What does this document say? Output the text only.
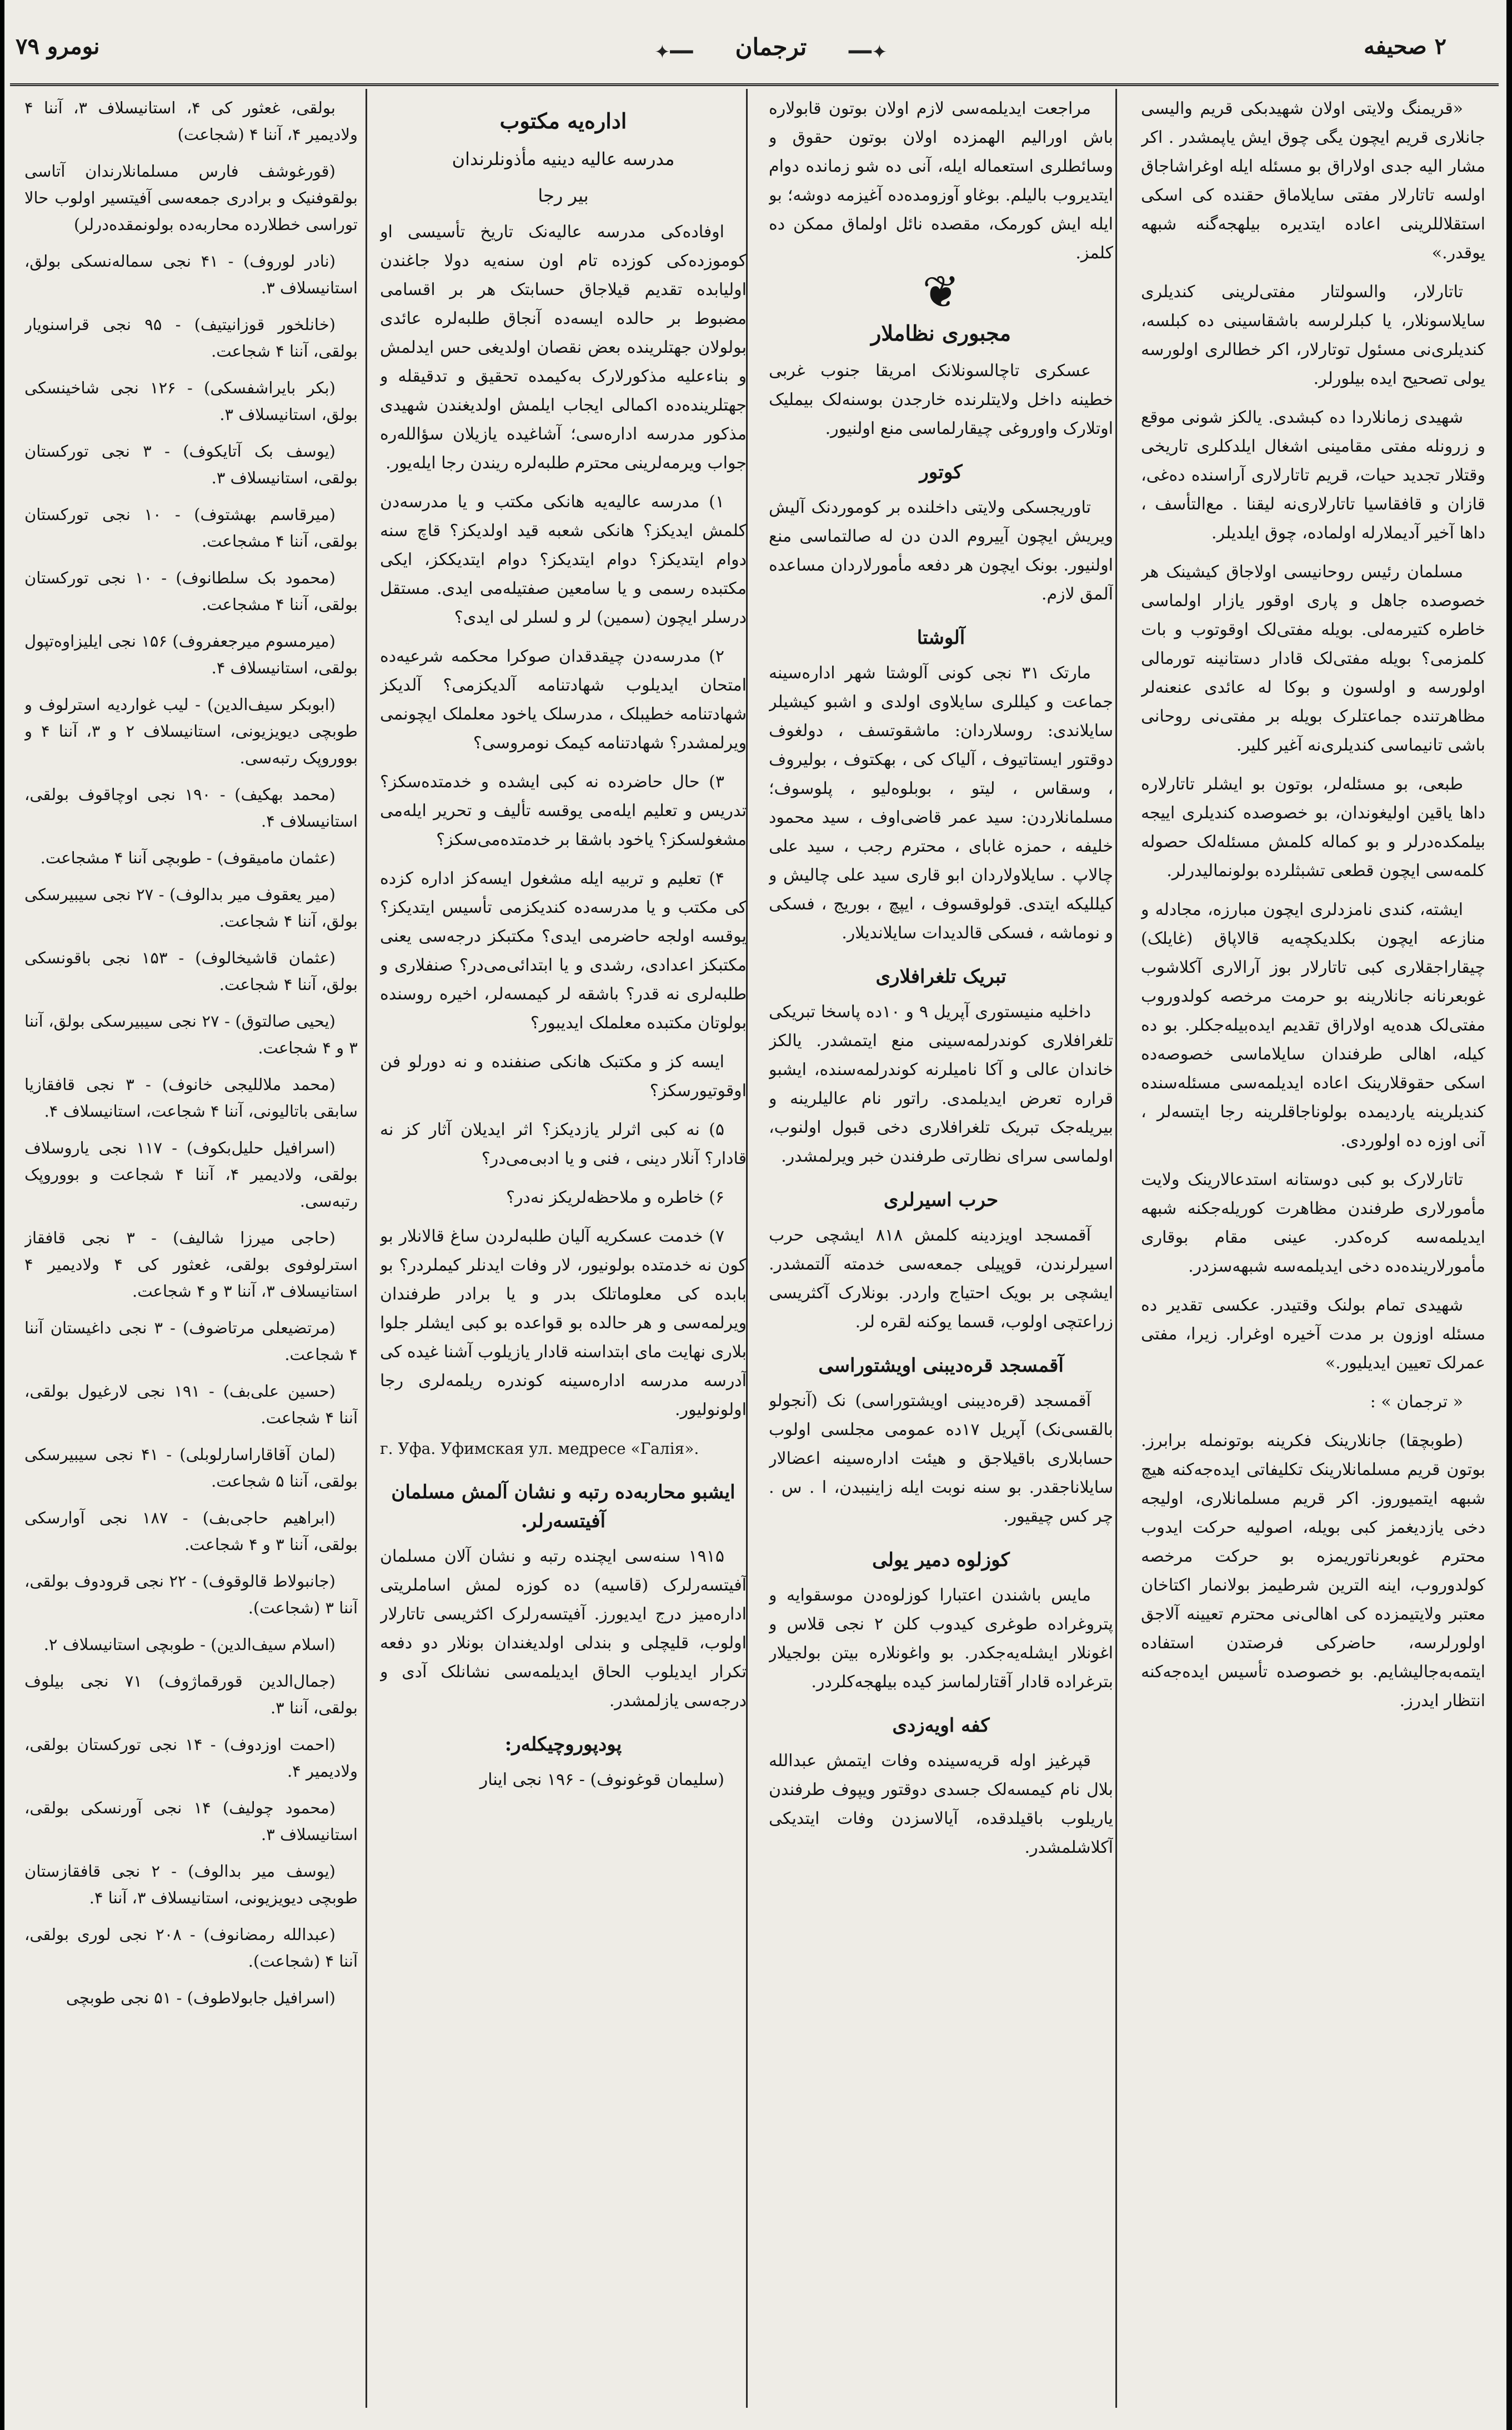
۲ صحیفه
✦━━	ترجمان	━━✦
نومرو ۷۹

«قریمنگ ولایتی اولان شهیدبکی قریم والیسی جانلاری قریم ایچون یگی چوق ایش یاپمشدر . اکر مشار الیه جدی اولاراق بو مسئله ایله اوغراشاجاق اولسه تاتارلار مفتی سایلاماق حقنده کی اسکی استقلاللرینی اعاده ایتدیره بیلهجه‌گنه شبهه یوقدر.»

تاتارلار، والسولتار مفتی‌لرینی کندیلری سایلاسونلار، یا کبلرلرسه باشقاسینی ده کبلسه، کندیلری‌نی مسئول توتارلار، اکر خطالری اولورسه یولی تصحیح ایده بیلورلر.

شهیدی زمانلاردا ده کبشدی. یالکز شونی موقع و زرونله مفتی مقامینی اشغال ایلدکلری تاریخی وقتلار تجدید حیات، قریم تاتارلاری آراسنده ده‌غی، قازان و قافقاسیا تاتارلاری‌نه لیقنا . مع‌التأسف ، داها آخیر آدیملارله اولماده، چوق ایلدیلر.

مسلمان رئیس روحانیسی اولاجاق کیشینک هر خصوصده جاهل و پاری اوقور یازار اولماسی خاطره کتیرمه‌لی. بویله مفتی‌لک اوقوتوب و بات کلمزمی؟ بویله مفتی‌لک قادار دستانینه تورمالی اولورسه و اولسون و بوکا له عائدی عنعنه‌لر مظاهرتنده جماعتلرک بویله بر مفتی‌نی روحانی باشی تانیماسی کندیلری‌نه آغیر کلیر.

طبعی، بو مسئله‌لر، بوتون بو ایشلر تاتارلاره داها یاقین اولیغوندان، بو خصوصده کندیلری اییجه بیلمکده‌درلر و بو کماله کلمش مسئله‌لک حصوله کلمه‌سی ایچون قطعی تشبثلرده بولونمالیدرلر.

ایشته، کندی نامزدلری ایچون مبارزه، مجادله و منازعه ایچون بکلدیکچه‌یه قالاپاق (غایلک) چیقاراجقلاری کبی تاتارلار بوز آرالاری آکلاشوب غوبعرنانه جانلارینه بو حرمت مرخصه کولدوروب مفتی‌لک هده‌یه اولاراق تقدیم ایده‌بیله‌جکلر. بو ده کیله، اهالی طرفندان سایلاماسی خصوصه‌ده اسکی حقوقلارینک اعاده ایدیلمه‌سی مسئله‌سنده کندیلرینه یاردیمده بولوناجاقلرینه رجا ایتسه‌لر ، آنی اوزه ده اولوردی.

تاتارلارک بو کبی دوستانه استدعالارینک ولایت مأمورلاری طرفندن مظاهرت کوریله‌جکنه شبهه ایدیلمه‌سه کره‌کدر. عینی مقام بوقاری مأمورلارینده‌ده دخی ایدیلمه‌سه شبهه‌سزدر.

شهیدی تمام بولنک وقتیدر. عکسی تقدیر ده مسئله اوزون بر مدت آخیره اوغرار. زیرا، مفتی عمرلک تعیین ایدیلیور.»

« ترجمان » :

(طوبچقا) جانلارینک فکرینه بوتونمله برابرز. بوتون قریم مسلمانلارینک تکلیفاتی ایده‌جه‌کنه هیچ شبهه ایتمیوروز. اکر قریم مسلمانلاری، اولیجه دخی یازدیغمز کبی بویله، اصولیه حرکت ایدوب محترم غوبعرناتوریمزه بو حرکت مرخصه کولدوروب، اینه الترین شرطیمز بولانمار اکتاخان معتبر ولایتیمزده کی اهالی‌نی محترم تعیینه آلاجق اولورلرسه، حاضرکی فرصتدن استفاده ایتمه‌به‌جالیشایم. بو خصوصده تأسیس ایده‌جه‌کنه انتظار ایدرز.

مراجعت ایدیلمه‌سی لازم اولان بوتون قابولاره باش اورالیم الهمزده اولان بوتون حقوق و وسائطلری استعماله ایله، آنی ده شو زمانده دوام ایتدیروب بالیلم. بوغاو آوزومده‌ده آغیزمه دوشه؛ بو ایله ایش کورمک، مقصده نائل اولماق ممکن ده کلمز.

❦
مجبوری نظاملار

عسکری تا‌چالسونلانک امریقا جنوب غربی خطینه داخل ولایتلرنده خارجدن بوسنه‌لک بیملیک اوتلارک واوروغی چیقارلماسی منع اولنیور.

کوتور

تاوریجسکی ولایتی داخلنده بر کوموردنک آلیش ویریش ایچون آییروم الدن دن له صالتماسی منع اولنیور. بونک ایچون هر دفعه مأمورلاردان مساعده آلمق لازم.

آلوشتا

مارتک ۳۱ نجی کونی آلوشتا شهر اداره‌سینه جماعت و کیللری سایلاوی اولدی و اشبو کیشیلر سایلاندی: روسلاردان: ماشقوتسف ، دولغوف دوقتور ایستاتیوف ، آلیاک کی ، بهکتوف ، بولیروف ، وسقاس ، لیتو ، بوبلوه‌لیو ، پلوسوف؛ مسلمانلاردن: سید عمر قاضی‌اوف ، سید محمود خلیفه ، حمزه غابای ، محترم رجب ، سید علی چالاپ . سایلاولاردان ابو قاری سید علی چالیش و کیللیکه ایتدی. قولوقسوف ، ایپچ ، بوریج ، فسکی و نوماشه ، فسکی قالدیدات سایلاندیلار.

تبریک تلغرافلاری

داخلیه منیستوری آپریل ۹ و ۱۰ده پاسخا تبریکی تلغرافلاری کوندرلمه‌سینی منع ایتمشدر. یالکز خاندان عالی و آکا نامیلرنه کوندرلمه‌سنده، ایشبو قراره تعرض ایدیلمدی. راتور نام عالیلرینه و بیریله‌جک تبریک تلغرافلاری دخی قبول اولنوب، اولماسی سرای نظارتی طرفندن خبر ویرلمشدر.

حرب اسیرلری

آقمسجد اویزدینه کلمش ۸۱۸ ایشچی حرب اسیرلرندن، قوپیلی جمعه‌سی خدمته آلتمشدر. ایشچی بر بویک احتیاج واردر. بونلارک آکثریسی زراعتچی اولوب، قسما یوکنه لقره لر.

آقمسجد قره‌دیبنی اویشتوراسی

آقمسجد (قره‌دیبنی اویشتوراسی) نک (آنجولو بالقسی‌نک) آپریل ۱۷ده عمومی مجلسی اولوب حسابلاری باقیلاجق و هیئت اداره‌سینه اعضالار سایلاناجقدر. بو سنه نوبت ایله زاینیبدن، ا . س . چر کس چیقیور.

کوزلوه دمیر یولی

مایس باشندن اعتبارا کوزلوه‌دن موسقوایه و پتروغراده طوغری کیدوب کلن ۲ نجی قلاس و اغونلار ایشله‌یه‌جکدر. بو واغونلاره بیتن بولجیلار بترغراده قادار آقتارلماسز کیده بیلهجه‌کلردر.

کفه اویه‌زدی

قپرغیز اوله قریه‌سینده وفات ایتمش عبدالله بلال نام کیمسه‌لک جسدی دوقتور ویپوف طرفندن یاریلوب باقیلدقده، آیالاسزدن وفات ایتدیکی آکلاشلمشدر.

اداره‌یه مکتوب
مدرسه عالیه دینیه مأذونلرندان
بیر رجا

اوفاده‌کی مدرسه عالیه‌نک تاریخ تأسیسی او کوموزده‌کی کوزده تام اون سنه‌یه دولا جاغندن اولیابده تقدیم قیلاجاق حسابتک هر بر اقسامی مضبوط بر حالده ایسه‌ده آنجاق طلبه‌لره عائدی بولولان جهتلرینده بعض نقصان اولدیغی حس ایدلمش و بناءعلیه مذکورلارک به‌کیمده تحقیق و تدقیقله و جهتلرینده‌ده اکمالی ایجاب ایلمش اولدیغندن شهیدی مذکور مدرسه اداره‌سی؛ آشاغیده یازیلان سؤالله‌ره جواب ویرمه‌لرینی محترم طلبه‌لره ریندن رجا ایله‌یور.

۱) مدرسه عالیه‌یه هانکی مکتب و یا مدرسه‌دن کلمش ایدیکز؟ هانکی شعبه قید اولدیکز؟ قاچ سنه دوام ایتدیکز؟ دوام ایتدیکز؟ دوام ایتدیککز، ایکی مکتبده رسمی و یا سامعین صفتیله‌می ایدی. مستقل درسلر ایچون (سمین) لر و لسلر لی ایدی؟

۲) مدرسه‌دن چیقدقدان صوکرا محکمه شرعیه‌ده امتحان ایدیلوب شهادتنامه آلدیکزمی؟ آلدیکز شهادتنامه خطیبلک ، مدرسلک یاخود معلملک ایچونمی ویرلمشدر؟ شهادتنامه کیمک نومروسی؟

۳) حال حاضرده نه کبی ایشده و خدمتده‌سکز؟ تدریس و تعلیم ایله‌می یوقسه تألیف و تحریر ایله‌می مشغولسکز؟ یاخود باشقا بر خدمتده‌می‌سکز؟

۴) تعلیم و تربیه ایله مشغول ایسه‌کز اداره کزده کی مکتب و یا مدرسه‌ده کندیکزمی تأسیس ایتدیکز؟ یوقسه اولجه حاضرمی ایدی؟ مکتبکز درجه‌سی یعنی مکتبکز اعدادی، رشدی و یا ابتدائی‌می‌در؟ صنفلاری و طلبه‌لری نه قدر؟ باشقه لر کیمسه‌لر، اخیره روسنده بولوتان مکتبده معلملک ایدیبور؟

ایسه کز و مکتبک هانکی صنفنده و نه دورلو فن اوقوتیورسکز؟

۵) نه کبی اثرلر یازدیکز؟ اثر ایدیلان آثار کز نه قادار؟ آنلار دینی ، فنی و یا ادبی‌می‌در؟

۶) خاطره و ملاحظه‌لریکز نه‌در؟

۷) خدمت عسکریه آلیان طلبه‌لردن ساغ قالانلار بو کون نه خدمتده بولونیور، لار وفات ایدنلر کیملردر؟ بو بابده کی معلوماتلک بدر و یا برادر طرفندان ویرلمه‌سی و هر حالده بو قواعده بو کبی ایشلر جلوا بلاری نهایت مای ابتداسنه قادار یازیلوب آشنا غیده کی آدرسه مدرسه اداره‌سینه کوندره ریلمه‌لری رجا اولونولیور.

г. Уфа. Уфимская ул. медресе «Галія».
ایشبو محاربه‌ده رتبه و نشان آلمش مسلمان آفیتسه‌رلر.

۱۹۱۵ سنه‌سی ایچنده رتبه و نشان آلان مسلمان آفیتسه‌رلرک (قاسیه) ده کوزه لمش اساملریتی اداره‌میز درج ایدیورز. آفیتسه‌رلرک اکثریسی تاتارلار اولوب، قلیچلی و بندلی اولدیغندان بونلار دو دفعه تکرار ایدیلوب الحاق ایدیلمه‌سی نشانلک آدی و درجه‌سی یازلمشدر.

پودپوروچیکله‌ر:

(سلیمان قوغونوف) - ۱۹۶ نجی اینار

بولقی، غعثور کی ۴، استانیسلاف ۳، آننا ۴ ولادیمیر ۴، آننا ۴ (شجاعت)

(قورغوشف فارس مسلمانلارندان آتاسی بولقوفنیک و برادری جمعه‌سی آفیتسیر اولوب حالا توراسی خطلارده محاربه‌ده بولونمقده‌درلر)

(نادر لوروف) - ۴۱ نجی سماله‌نسکی بولق، استانیسلاف ۳.

(خانلخور قوزانیتیف) - ۹۵ نجی قراسنویار بولقی، آننا ۴ شجاعت.

(بکر بایراشفسکی) - ۱۲۶ نجی شاخینسکی بولق، استانیسلاف ۳.

(یوسف بک آتایکوف) - ۳ نجی تورکستان بولقی، استانیسلاف ۳.

(میرقاسم بهشتوف) - ۱۰ نجی تورکستان بولقی، آننا ۴ مشجاعت.

(محمود بک سلطانوف) - ۱۰ نجی تورکستان بولقی، آننا ۴ مشجاعت.

(میرمسوم میرجعفروف) ۱۵۶ نجی ایلیزاوه‌تپول بولقی، استانیسلاف ۴.

(ابوبکر سیف‌الدین) - لیب غواردیه استرلوف و طوبچی دیویزیونی، استانیسلاف ۲ و ۳، آننا ۴ و بووروپک رتبه‌سی.

(محمد بهکیف) - ۱۹۰ نجی اوچاقوف بولقی، استانیسلاف ۴.

(عثمان مامیقوف) - طوبچی آننا ۴ مشجاعت.

(میر یعقوف میر بدالوف) - ۲۷ نجی سیبیرسکی بولق، آننا ۴ شجاعت.

(عثمان قاشیخالوف) - ۱۵۳ نجی باقونسکی بولق، آننا ۴ شجاعت.

(یحیی صالتوق) - ۲۷ نجی سیبیرسکی بولق، آننا ۳ و ۴ شجاعت.

(محمد ملاللیجی خانوف) - ۳ نجی قافقازیا سابقی باتالیونی، آننا ۴ شجاعت، استانیسلاف ۴.

(اسرافیل حلیل‌بکوف) - ۱۱۷ نجی یاروسلاف بولقی، ولادیمیر ۴، آننا ۴ شجاعت و بووروپک رتبه‌سی.

(حاجی میرزا شالیف) - ۳ نجی قافقاز استرلوفوی بولقی، غعثور کی ۴ ولادیمیر ۴ استانیسلاف ۳، آننا ۳ و ۴ شجاعت.

(مرتضیعلی مرتاضوف) - ۳ نجی داغیستان آننا ۴ شجاعت.

(حسین علی‌بف) - ۱۹۱ نجی لارغیول بولقی، آننا ۴ شجاعت.

(لمان آقاقاراسارلوبلی) - ۴۱ نجی سیبیرسکی بولقی، آننا ۵ شجاعت.

(ابراهیم حاجی‌بف) - ۱۸۷ نجی آوارسکی بولقی، آننا ۳ و ۴ شجاعت.

(جانبولاط قالوقوف) - ۲۲ نجی قرودوف بولقی، آننا ۳ (شجاعت).

(اسلام سیف‌الدین) - طوبچی استانیسلاف ۲.

(جمال‌الدین قورقماژوف) ۷۱ نجی بیلوف بولقی، آننا ۳.

(احمت اوزدوف) - ۱۴ نجی تورکستان بولقی، ولادیمیر ۴.

(محمود چولیف) ۱۴ نجی آورنسکی بولقی، استانیسلاف ۳.

(یوسف میر بدالوف) - ۲ نجی قافقازستان طوبچی دیویزیونی، استانیسلاف ۳، آننا ۴.

(عبدالله رمضانوف) - ۲۰۸ نجی لوری بولقی، آننا ۴ (شجاعت).

(اسرافیل جابولاطوف) - ۵۱ نجی طوبچی
